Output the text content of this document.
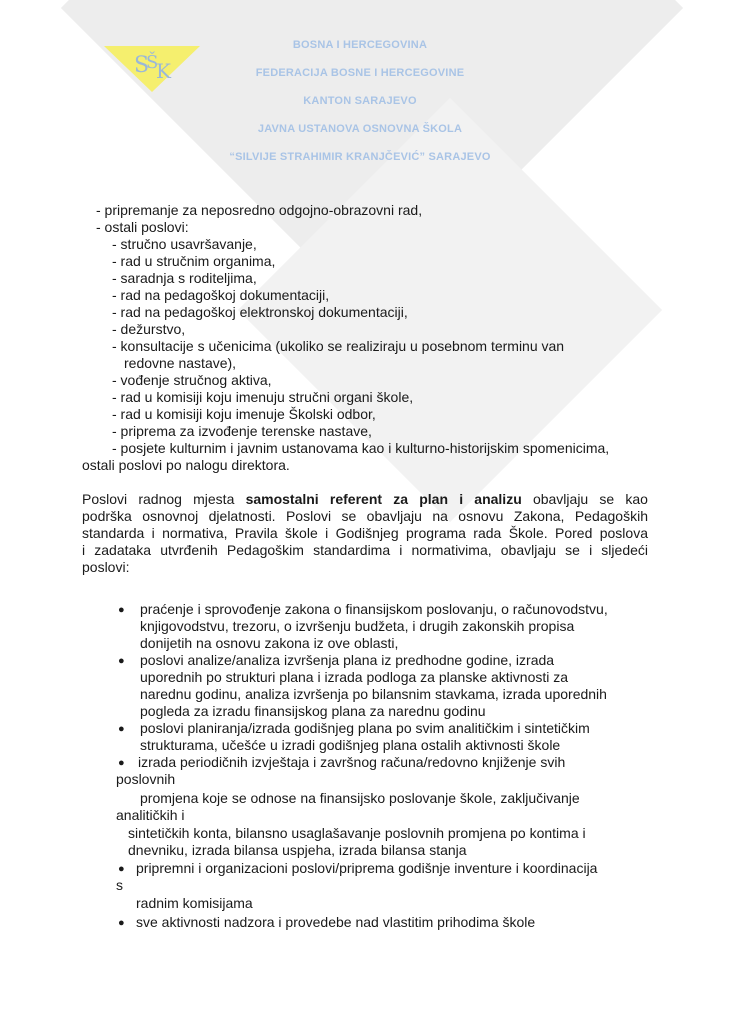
S
Š
K
BOSNA I HERCEGOVINA
FEDERACIJA BOSNE I HERCEGOVINE
KANTON SARAJEVO
JAVNA USTANOVA OSNOVNA ŠKOLA
“SILVIJE STRAHIMIR KRANJČEVIĆ” SARAJEVO
- pripremanje za neposredno odgojno-obrazovni rad,
- ostali poslovi:
- stručno usavršavanje,
- rad u stručnim organima,
- saradnja s roditeljima,
- rad na pedagoškoj dokumentaciji,
- rad na pedagoškoj elektronskoj dokumentaciji,
- dežurstvo,
- konsultacije s učenicima (ukoliko se realiziraju u posebnom terminu van
redovne nastave),
- vođenje stručnog aktiva,
- rad u komisiji koju imenuju stručni organi škole,
- rad u komisiji koju imenuje Školski odbor,
- priprema za izvođenje terenske nastave,
- posjete kulturnim i javnim ustanovama kao i kulturno-historijskim spomenicima,
ostali poslovi po nalogu direktora.
Poslovi radnog mjesta samostalni referent za plan i analizu obavljaju se kao
podrška osnovnoj djelatnosti. Poslovi se obavljaju na osnovu Zakona, Pedagoških
standarda i normativa, Pravila škole i Godišnjeg programa rada Škole. Pored poslova
i zadataka utvrđenih Pedagoškim standardima i normativima, obavljaju se i sljedeći
poslovi:
● praćenje i sprovođenje zakona o finansijskom poslovanju, o računovodstvu,
knjigovodstvu, trezoru, o izvršenju budžeta, i drugih zakonskih propisa
donijetih na osnovu zakona iz ove oblasti,
● poslovi analize/analiza izvršenja plana iz predhodne godine, izrada
uporednih po strukturi plana i izrada podloga za planske aktivnosti za
narednu godinu, analiza izvršenja po bilansnim stavkama, izrada uporednih
pogleda za izradu finansijskog plana za narednu godinu
● poslovi planiranja/izrada godišnjeg plana po svim analitičkim i sintetičkim
strukturama, učešće u izradi godišnjeg plana ostalih aktivnosti škole
● izrada periodičnih izvještaja i završnog računa/redovno knjiženje svih
poslovnih
promjena koje se odnose na finansijsko poslovanje škole, zaključivanje
analitičkih i
sintetičkih konta, bilansno usaglašavanje poslovnih promjena po kontima i
dnevniku, izrada bilansa uspjeha, izrada bilansa stanja
● pripremni i organizacioni poslovi/priprema godišnje inventure i koordinacija
s
radnim komisijama
● sve aktivnosti nadzora i provedebe nad vlastitim prihodima škole
